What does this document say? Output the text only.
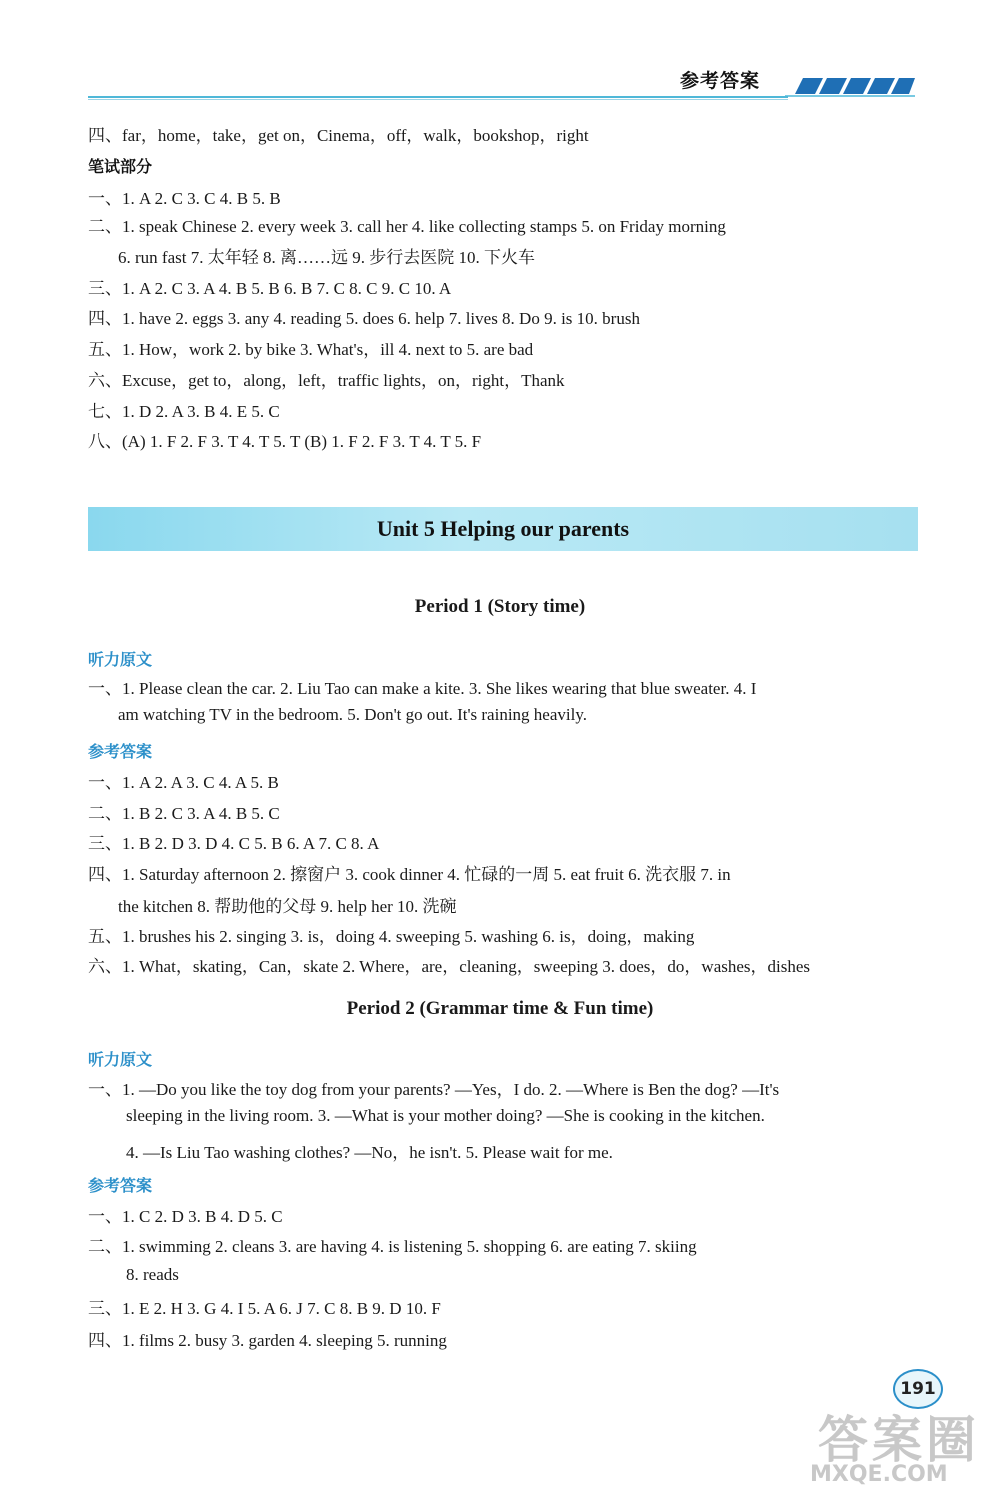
参考答案
四、far，home，take，get on，Cinema，off，walk，bookshop，right
笔试部分
一、1. A 2. C 3. C 4. B 5. B
二、1. speak Chinese 2. every week 3. call her 4. like collecting stamps 5. on Friday morning
6. run fast 7. 太年轻 8. 离……远 9. 步行去医院 10. 下火车
三、1. A 2. C 3. A 4. B 5. B 6. B 7. C 8. C 9. C 10. A
四、1. have 2. eggs 3. any 4. reading 5. does 6. help 7. lives 8. Do 9. is 10. brush
五、1. How，work 2. by bike 3. What's，ill 4. next to 5. are bad
六、Excuse，get to，along，left，traffic lights，on，right，Thank
七、1. D 2. A 3. B 4. E 5. C
八、(A) 1. F 2. F 3. T 4. T 5. T (B) 1. F 2. F 3. T 4. T 5. F
Unit 5 Helping our parents
Period 1 (Story time)
听力原文
一、1. Please clean the car. 2. Liu Tao can make a kite. 3. She likes wearing that blue sweater. 4. I
am watching TV in the bedroom. 5. Don't go out. It's raining heavily.
参考答案
一、1. A 2. A 3. C 4. A 5. B
二、1. B 2. C 3. A 4. B 5. C
三、1. B 2. D 3. D 4. C 5. B 6. A 7. C 8. A
四、1. Saturday afternoon 2. 擦窗户 3. cook dinner 4. 忙碌的一周 5. eat fruit 6. 洗衣服 7. in
the kitchen 8. 帮助他的父母 9. help her 10. 洗碗
五、1. brushes his 2. singing 3. is，doing 4. sweeping 5. washing 6. is，doing，making
六、1. What，skating，Can，skate 2. Where，are，cleaning，sweeping 3. does，do，washes，dishes
Period 2 (Grammar time & Fun time)
听力原文
一、1. —Do you like the toy dog from your parents? —Yes，I do. 2. —Where is Ben the dog? —It's
sleeping in the living room. 3. —What is your mother doing? —She is cooking in the kitchen.
4. —Is Liu Tao washing clothes? —No，he isn't. 5. Please wait for me.
参考答案
一、1. C 2. D 3. B 4. D 5. C
二、1. swimming 2. cleans 3. are having 4. is listening 5. shopping 6. are eating 7. skiing
8. reads
三、1. E 2. H 3. G 4. I 5. A 6. J 7. C 8. B 9. D 10. F
四、1. films 2. busy 3. garden 4. sleeping 5. running
191
答案圈
MXQE.COM
